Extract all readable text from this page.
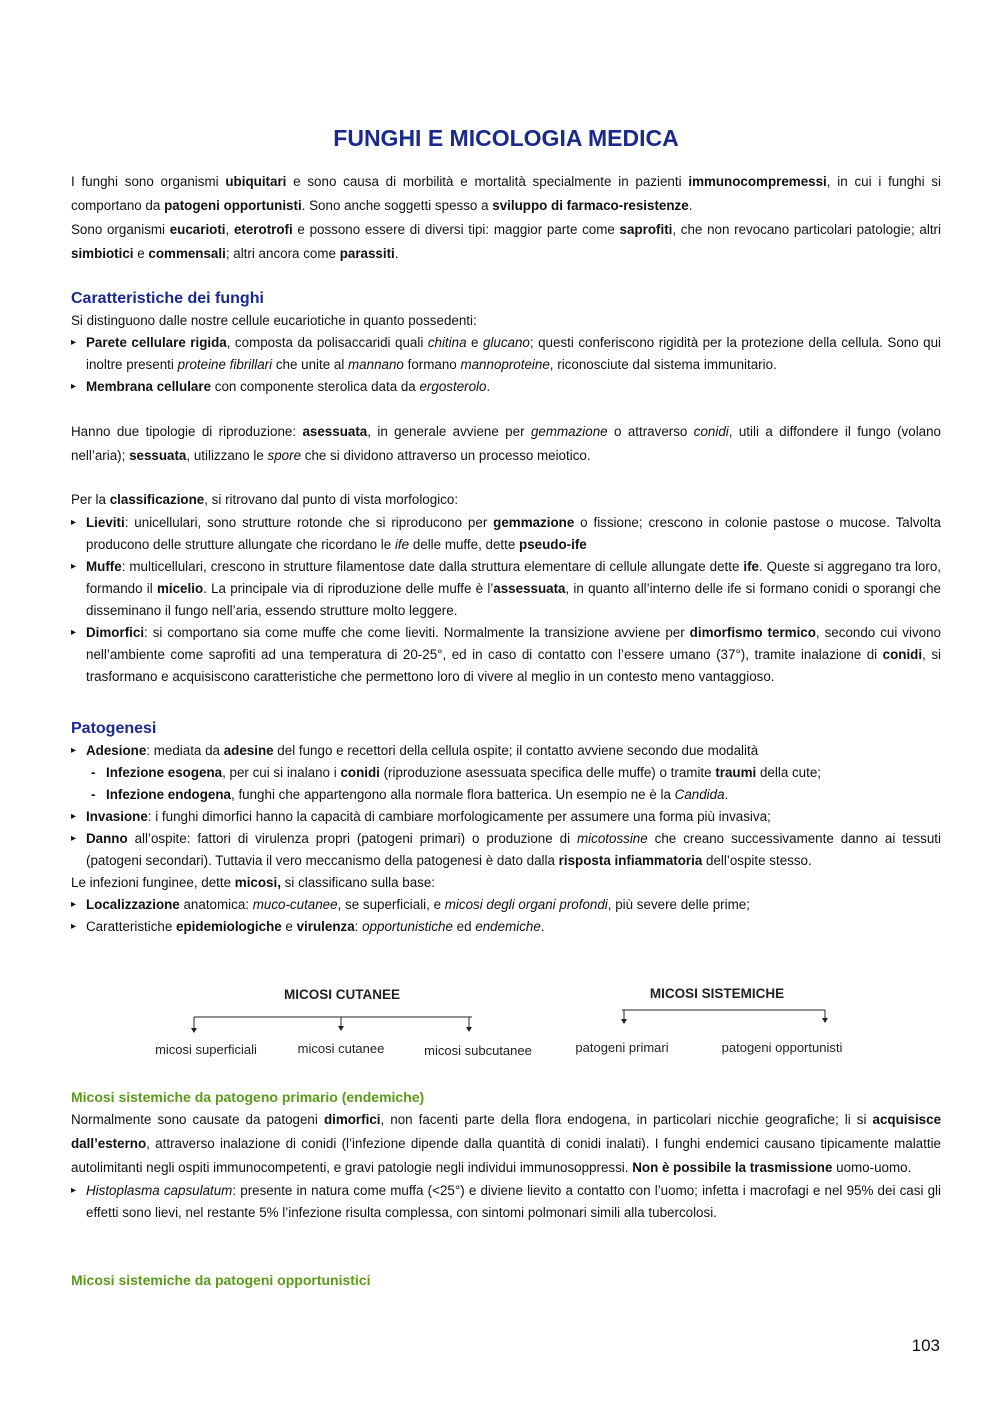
FUNGHI E MICOLOGIA MEDICA

I funghi sono organismi ubiquitari e sono causa di morbilità e mortalità specialmente in pazienti immunocompremessi, in cui i funghi si comportano da patogeni opportunisti. Sono anche soggetti spesso a sviluppo di farmaco-resistenze.

Sono organismi eucarioti, eterotrofi e possono essere di diversi tipi: maggior parte come saprofiti, che non revocano particolari patologie; altri simbiotici e commensali; altri ancora come parassiti.

Caratteristiche dei funghi

Si distinguono dalle nostre cellule eucariotiche in quanto possedenti:

▸ Parete cellulare rigida, composta da polisaccaridi quali chitina e glucano; questi conferiscono rigidità per la protezione della cellula. Sono qui inoltre presenti proteine fibrillari che unite al mannano formano mannoproteine, riconosciute dal sistema immunitario.
▸ Membrana cellulare con componente sterolica data da ergosterolo.

Hanno due tipologie di riproduzione: asessuata, in generale avviene per gemmazione o attraverso conidi, utili a diffondere il fungo (volano nell’aria); sessuata, utilizzano le spore che si dividono attraverso un processo meiotico.

Per la classificazione, si ritrovano dal punto di vista morfologico:

▸ Lieviti: unicellulari, sono strutture rotonde che si riproducono per gemmazione o fissione; crescono in colonie pastose o mucose. Talvolta producono delle strutture allungate che ricordano le ife delle muffe, dette pseudo-ife
▸ Muffe: multicellulari, crescono in strutture filamentose date dalla struttura elementare di cellule allungate dette ife. Queste si aggregano tra loro, formando il micelio. La principale via di riproduzione delle muffe è l’assessuata, in quanto all’interno delle ife si formano conidi o sporangi che disseminano il fungo nell’aria, essendo strutture molto leggere.
▸ Dimorfici: si comportano sia come muffe che come lieviti. Normalmente la transizione avviene per dimorfismo termico, secondo cui vivono nell’ambiente come saprofiti ad una temperatura di 20-25°, ed in caso di contatto con l’essere umano (37°), tramite inalazione di conidi, si trasformano e acquisiscono caratteristiche che permettono loro di vivere al meglio in un contesto meno vantaggioso.
Patogenesi
▸ Adesione: mediata da adesine del fungo e recettori della cellula ospite; il contatto avviene secondo due modalità
- Infezione esogena, per cui si inalano i conidi (riproduzione asessuata specifica delle muffe) o tramite traumi della cute;
- Infezione endogena, funghi che appartengono alla normale flora batterica. Un esempio ne è la Candida.
▸ Invasione: i funghi dimorfici hanno la capacità di cambiare morfologicamente per assumere una forma più invasiva;
▸ Danno all’ospite: fattori di virulenza propri (patogeni primari) o produzione di micotossine che creano successivamente danno ai tessuti (patogeni secondari). Tuttavia il vero meccanismo della patogenesi è dato dalla risposta infiammatoria dell’ospite stesso.

Le infezioni funginee, dette micosi, si classificano sulla base:

▸ Localizzazione anatomica: muco-cutanee, se superficiali, e micosi degli organi profondi, più severe delle prime;
▸ Caratteristiche epidemiologiche e virulenza: opportunistiche ed endemiche.
MICOSI CUTANEE
micosi superficiali	micosi cutanee	micosi subcutanee
MICOSI SISTEMICHE
patogeni primari	patogeni opportunisti
Micosi sistemiche da patogeno primario (endemiche)

Normalmente sono causate da patogeni dimorfici, non facenti parte della flora endogena, in particolari nicchie geografiche; li si acquisisce dall’esterno, attraverso inalazione di conidi (l’infezione dipende dalla quantità di conidi inalati). I funghi endemici causano tipicamente malattie autolimitanti negli ospiti immunocompetenti, e gravi patologie negli individui immunosoppressi. Non è possibile la trasmissione uomo-uomo.

▸ Histoplasma capsulatum: presente in natura come muffa (<25°) e diviene lievito a contatto con l’uomo; infetta i macrofagi e nel 95% dei casi gli effetti sono lievi, nel restante 5% l’infezione risulta complessa, con sintomi polmonari simili alla tubercolosi.
Micosi sistemiche da patogeni opportunistici
103
